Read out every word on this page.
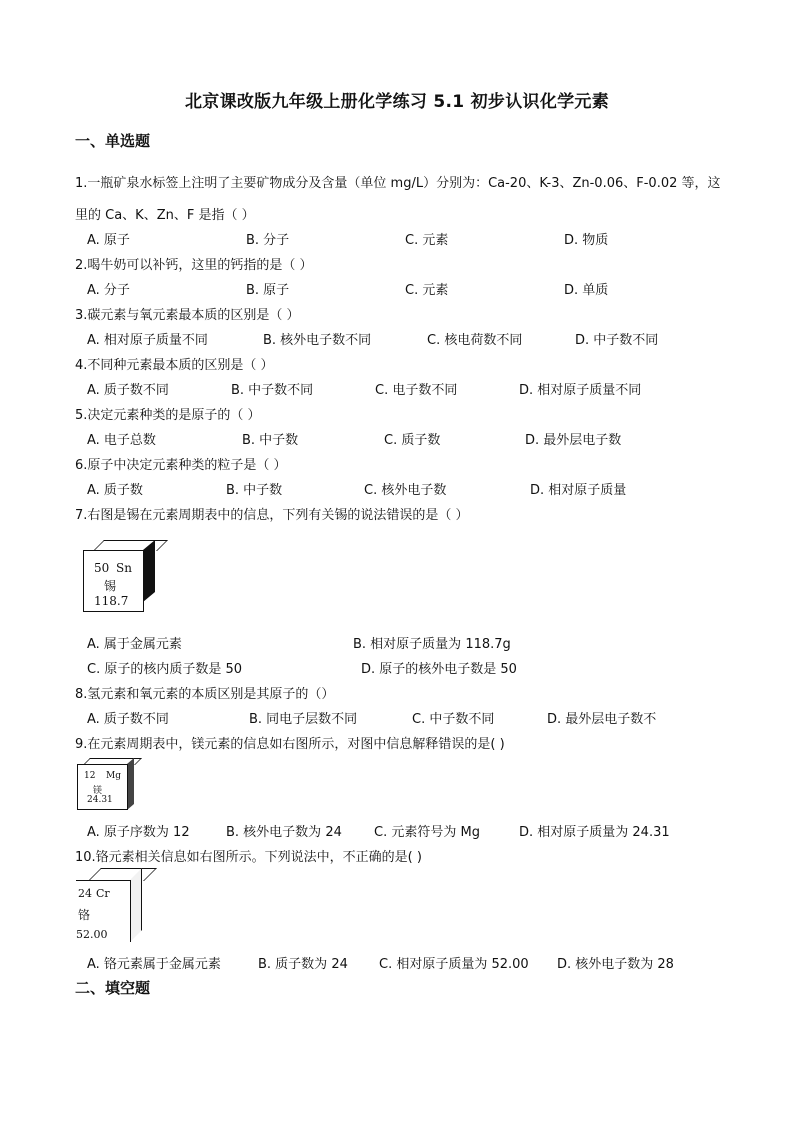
北京课改版九年级上册化学练习 5.1 初步认识化学元素
一、单选题
1.一瓶矿泉水标签上注明了主要矿物成分及含量（单位 mg/L）分别为：Ca-20、K-3、Zn-0.06、F-0.02 等，这
里的 Ca、K、Zn、F 是指（ ）
A. 原子	B. 分子	C. 元素	D. 物质
2.喝牛奶可以补钙，这里的钙指的是（ ）
A. 分子	B. 原子	C. 元素	D. 单质
3.碳元素与氧元素最本质的区别是（ ）
A. 相对原子质量不同	B. 核外电子数不同	C. 核电荷数不同	D. 中子数不同
4.不同种元素最本质的区别是（ ）
A. 质子数不同	B. 中子数不同	C. 电子数不同	D. 相对原子质量不同
5.决定元素种类的是原子的（ ）
A. 电子总数	B. 中子数	C. 质子数	D. 最外层电子数
6.原子中决定元素种类的粒子是（ ）
A. 质子数	B. 中子数	C. 核外电子数	D. 相对原子质量
7.右图是锡在元素周期表中的信息，下列有关锡的说法错误的是（ ）
50 Sn
锡
118.7
A. 属于金属元素	B. 相对原子质量为 118.7g
C. 原子的核内质子数是 50	D. 原子的核外电子数是 50
8.氢元素和氧元素的本质区别是其原子的（）
A. 质子数不同	B. 同电子层数不同	C. 中子数不同	D. 最外层电子数不
9.在元素周期表中，镁元素的信息如右图所示，对图中信息解释错误的是( )
12 Mg
镁
24.31
A. 原子序数为 12	B. 核外电子数为 24 C. 元素符号为 Mg	D. 相对原子质量为 24.31
10.铬元素相关信息如右图所示。下列说法中，不正确的是( )
24 Cr
铬
52.00
A. 铬元素属于金属元素	B. 质子数为 24 C. 相对原子质量为 52.00 D. 核外电子数为 28
二、填空题
